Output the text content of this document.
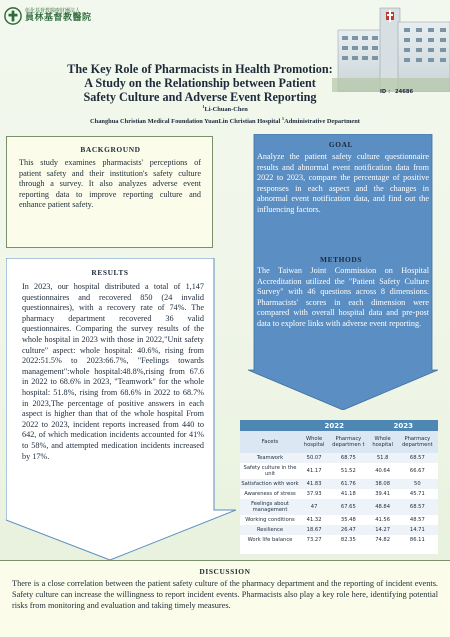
彰化基督教醫療財團法人
員林基督教醫院
The Key Role of Pharmacists in Health Promotion:
A Study on the Relationship between Patient
Safety Culture and Adverse Event Reporting	ID ： 24686
$^1$Li-Chuan-Chen
Changhua Christian Medical Foundation YuanLin Christian Hospital $^1$Administrative Department
BACKGROUND
This study examines pharmacists' perceptions of patient safety and their institution's safety culture through a survey. It also analyzes adverse event reporting data to improve reporting culture and enhance patient safety.
GOAL
Analyze the patient safety culture questionnaire results and abnormal event notification data from 2022 to 2023, compare the percentage of positive responses in each aspect and the changes in abnormal event notification data, and find out the influencing factors.
METHODS
The Taiwan Joint Commission on Hospital Accreditation utilized the "Patient Safety Culture Survey" with 46 questions across 8 dimensions. Pharmacists' scores in each dimension were compared with overall hospital data and pre-post data to explore links with adverse event reporting.
RESULTS
In 2023, our hospital distributed a total of 1,147 questionnaires and recovered 850 (24 invalid questionnaires), with a recovery rate of 74%. The pharmacy department recovered 36 valid questionnaires. Comparing the survey results of the whole hospital in 2023 with those in 2022,"Unit safety culture" aspect: whole hospital: 40.6%, rising from 2022:51.5% to 2023:66.7%, "Feelings towards management":whole hospital:48.8%,rising from 67.6 in 2022 to 68.6% in 2023, "Teamwork" for the whole hospital: 51.8%, rising from 68.6% in 2022 to 68.7% in 2023,The percentage of positive answers in each aspect is higher than that of the whole hospital From 2022 to 2023, incident reports increased from 440 to 642, of which medication incidents accounted for 41% to 58%, and attempted medication incidents increased by 17%.
	2022		2023	
Facets	Whole hospital	Pharmacy departmen t	Whole hospital	Pharmacy department
Teamwork	50.07	68.75	51.8	68.57
Safety culture in the unit	41.17	51.52	40.64	66.67
Satisfaction with work	41.83	61.76	38.08	50
Awareness of stress	37.93	41.18	39.41	45.71
Feelings about management	47	67.65	48.84	68.57
Working conditions	41.32	35.48	41.56	48.57
Resilience	18.67	26.47	14.27	14.71
Work life balance	73.27	82.35	74.82	86.11
DISCUSSION
There is a close correlation between the patient safety culture of the pharmacy department and the reporting of incident events. Safety culture can increase the willingness to report incident events. Pharmacists also play a key role here, identifying potential risks from monitoring and evaluation and taking timely measures.
